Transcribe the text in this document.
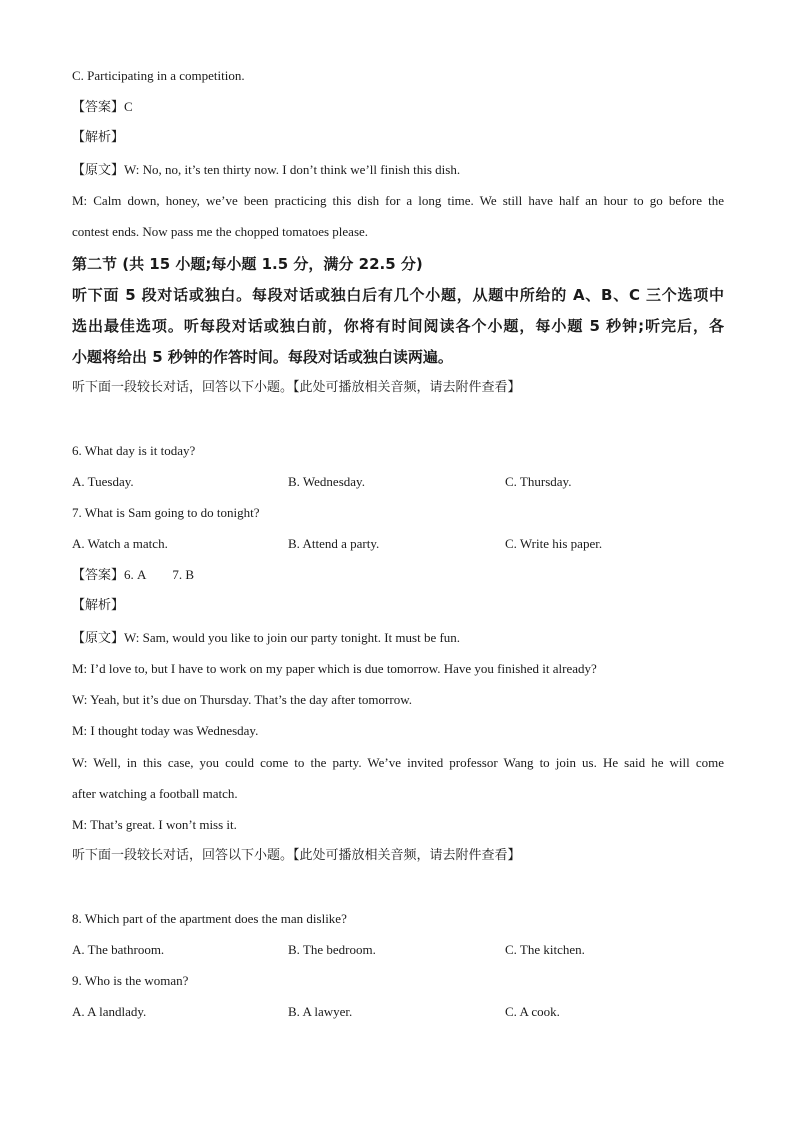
C. Participating in a competition.
【答案】C
【解析】
【原文】W: No, no, it’s ten thirty now. I don’t think we’ll finish this dish.
M: Calm down, honey, we’ve been practicing this dish for a long time. We still have half an hour to go before the
contest ends. Now pass me the chopped tomatoes please.
第二节 (共 15 小题;每小题 1.5 分，满分 22.5 分)
听下面 5 段对话或独白。每段对话或独白后有几个小题，从题中所给的 A、B、C 三个选项中
选出最佳选项。听每段对话或独白前，你将有时间阅读各个小题，每小题 5 秒钟;听完后，各
小题将给出 5 秒钟的作答时间。每段对话或独白读两遍。
听下面一段较长对话，回答以下小题。【此处可播放相关音频，请去附件查看】
6. What day is it today?
A. Tuesday.	B. Wednesday.	C. Thursday.
7. What is Sam going to do tonight?
A. Watch a match.	B. Attend a party.	C. Write his paper.
【答案】6. A 7. B
【解析】
【原文】W: Sam, would you like to join our party tonight. It must be fun.
M: I’d love to, but I have to work on my paper which is due tomorrow. Have you finished it already?
W: Yeah, but it’s due on Thursday. That’s the day after tomorrow.
M: I thought today was Wednesday.
W: Well, in this case, you could come to the party. We’ve invited professor Wang to join us. He said he will come
after watching a football match.
M: That’s great. I won’t miss it.
听下面一段较长对话，回答以下小题。【此处可播放相关音频，请去附件查看】
8. Which part of the apartment does the man dislike?
A. The bathroom.	B. The bedroom.	C. The kitchen.
9. Who is the woman?
A. A landlady.	B. A lawyer.	C. A cook.
